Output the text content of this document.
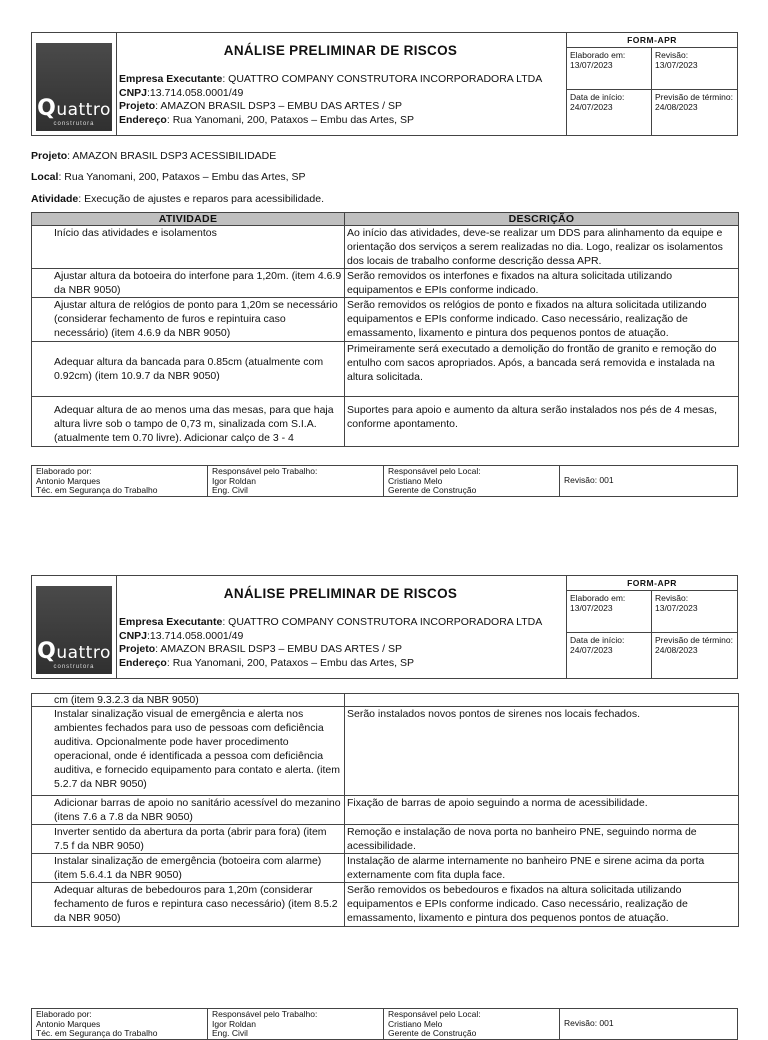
Quattro
construtora
ANÁLISE PRELIMINAR DE RISCOS
Empresa Executante: QUATTRO COMPANY CONSTRUTORA INCORPORADORA LTDA
CNPJ:13.714.058.0001/49
Projeto: AMAZON BRASIL DSP3 – EMBU DAS ARTES / SP
Endereço: Rua Yanomani, 200, Pataxos – Embu das Artes, SP
FORM-APR
Elaborado em:
13/07/2023
Revisão:
13/07/2023
Data de início:
24/07/2023
Previsão de término:
24/08/2023
Projeto: AMAZON BRASIL DSP3 ACESSIBILIDADE
Local: Rua Yanomani, 200, Pataxos – Embu das Artes, SP
Atividade: Execução de ajustes e reparos para acessibilidade.
ATIVIDADE	DESCRIÇÃO
Início das atividades e isolamentos	Ao início das atividades, deve-se realizar um DDS para alinhamento da equipe e orientação dos serviços a serem realizadas no dia. Logo, realizar os isolamentos dos locais de trabalho conforme descrição dessa APR.
Ajustar altura da botoeira do interfone para 1,20m. (item 4.6.9 da NBR 9050)	Serão removidos os interfones e fixados na altura solicitada utilizando equipamentos e EPIs conforme indicado.
Ajustar altura de relógios de ponto para 1,20m se necessário (considerar fechamento de furos e repintuira caso necessário) (item 4.6.9 da NBR 9050)	Serão removidos os relógios de ponto e fixados na altura solicitada utilizando equipamentos e EPIs conforme indicado. Caso necessário, realização de emassamento, lixamento e pintura dos pequenos pontos de atuação.
Adequar altura da bancada para 0.85cm (atualmente com 0.92cm) (item 10.9.7 da NBR 9050)	Primeiramente será executado a demolição do frontão de granito e remoção do entulho com sacos apropriados. Após, a bancada será removida e instalada na altura solicitada.
Adequar altura de ao menos uma das mesas, para que haja altura livre sob o tampo de 0,73 m, sinalizada com S.I.A. (atualmente tem 0.70 livre). Adicionar calço de 3 - 4	Suportes para apoio e aumento da altura serão instalados nos pés de 4 mesas, conforme apontamento.
Elaborado por:
Antonio Marques
Téc. em Segurança do Trabalho
Responsável pelo Trabalho:
Igor Roldan
Eng. Civil
Responsável pelo Local:
Cristiano Melo
Gerente de Construção
Revisão: 001
Quattro
construtora
ANÁLISE PRELIMINAR DE RISCOS
Empresa Executante: QUATTRO COMPANY CONSTRUTORA INCORPORADORA LTDA
CNPJ:13.714.058.0001/49
Projeto: AMAZON BRASIL DSP3 – EMBU DAS ARTES / SP
Endereço: Rua Yanomani, 200, Pataxos – Embu das Artes, SP
FORM-APR
Elaborado em:
13/07/2023
Revisão:
13/07/2023
Data de início:
24/07/2023
Previsão de término:
24/08/2023
cm (item 9.3.2.3 da NBR 9050)	
Instalar sinalização visual de emergência e alerta nos ambientes fechados para uso de pessoas com deficiência auditiva. Opcionalmente pode haver procedimento operacional, onde é identificada a pessoa com deficiência auditiva, e fornecido equipamento para contato e alerta. (item 5.2.7 da NBR 9050)	Serão instalados novos pontos de sirenes nos locais fechados.
Adicionar barras de apoio no sanitário acessível do mezanino (itens 7.6 a 7.8 da NBR 9050)	Fixação de barras de apoio seguindo a norma de acessibilidade.
Inverter sentido da abertura da porta (abrir para fora) (item 7.5 f da NBR 9050)	Remoção e instalação de nova porta no banheiro PNE, seguindo norma de acessibilidade.
Instalar sinalização de emergência (botoeira com alarme) (item 5.6.4.1 da NBR 9050)	Instalação de alarme internamente no banheiro PNE e sirene acima da porta externamente com fita dupla face.
Adequar alturas de bebedouros para 1,20m (considerar fechamento de furos e repintura caso necessário) (item 8.5.2 da NBR 9050)	Serão removidos os bebedouros e fixados na altura solicitada utilizando equipamentos e EPIs conforme indicado. Caso necessário, realização de emassamento, lixamento e pintura dos pequenos pontos de atuação.
Elaborado por:
Antonio Marques
Téc. em Segurança do Trabalho
Responsável pelo Trabalho:
Igor Roldan
Eng. Civil
Responsável pelo Local:
Cristiano Melo
Gerente de Construção
Revisão: 001
